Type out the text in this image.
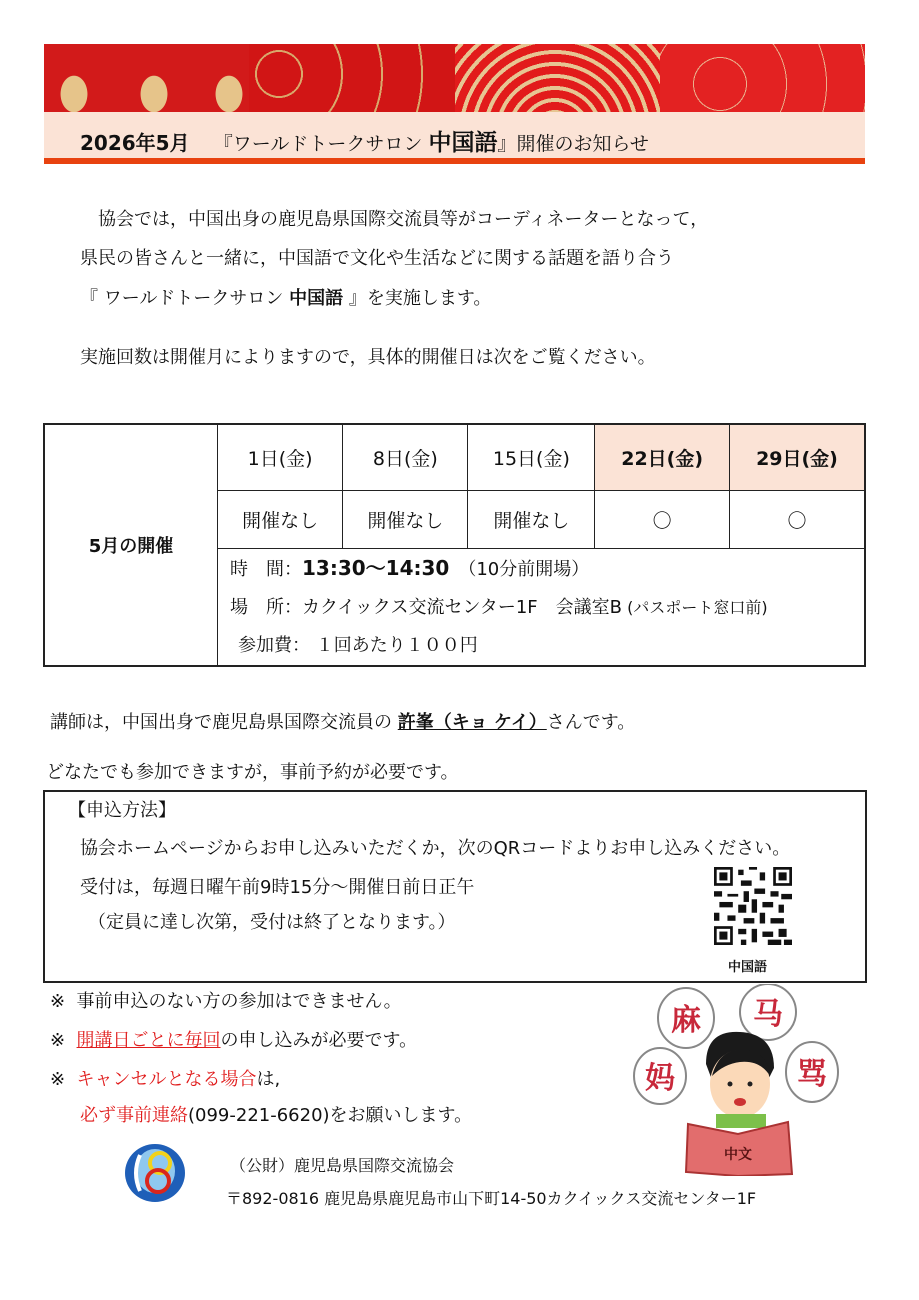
2026年5月 『ワールドトークサロン 中国語』開催のお知らせ
協会では，中国出身の鹿児島県国際交流員等がコーディネーターとなって，
県民の皆さんと一緒に，中国語で文化や生活などに関する話題を語り合う
『 ワールドトークサロン 中国語 』を実施します。
実施回数は開催月によりますので，具体的開催日は次をご覧ください。
5月の開催	1日(金)	8日(金)	15日(金)	22日(金)	29日(金)
	開催なし	開催なし	開催なし	〇	〇

	時　間：13:30～14:30　（10分前開場）
場　所：カクイックス交流センター1F　会議室B (パスポート窓口前)
参加費： １回あたり１００円				
講師は，中国出身で鹿児島県国際交流員の 許峯（キョ ケイ）さんです。
どなたでも参加できますが，事前予約が必要です。
【申込方法】
協会ホームページからお申し込みいただくか，次のQRコードよりお申し込みください。
受付は，毎週日曜午前9時15分～開催日前日正午
（定員に達し次第，受付は終了となります。）
中国語
※ 事前申込のない方の参加はできません。
※ 開講日ごとに毎回の申し込みが必要です。
※ キャンセルとなる場合は,
必ず事前連絡(099-221-6620)をお願いします。
麻 马
妈	骂
中文
（公財）鹿児島県国際交流協会
〒892-0816 鹿児島県鹿児島市山下町14-50カクイックス交流センター1F
